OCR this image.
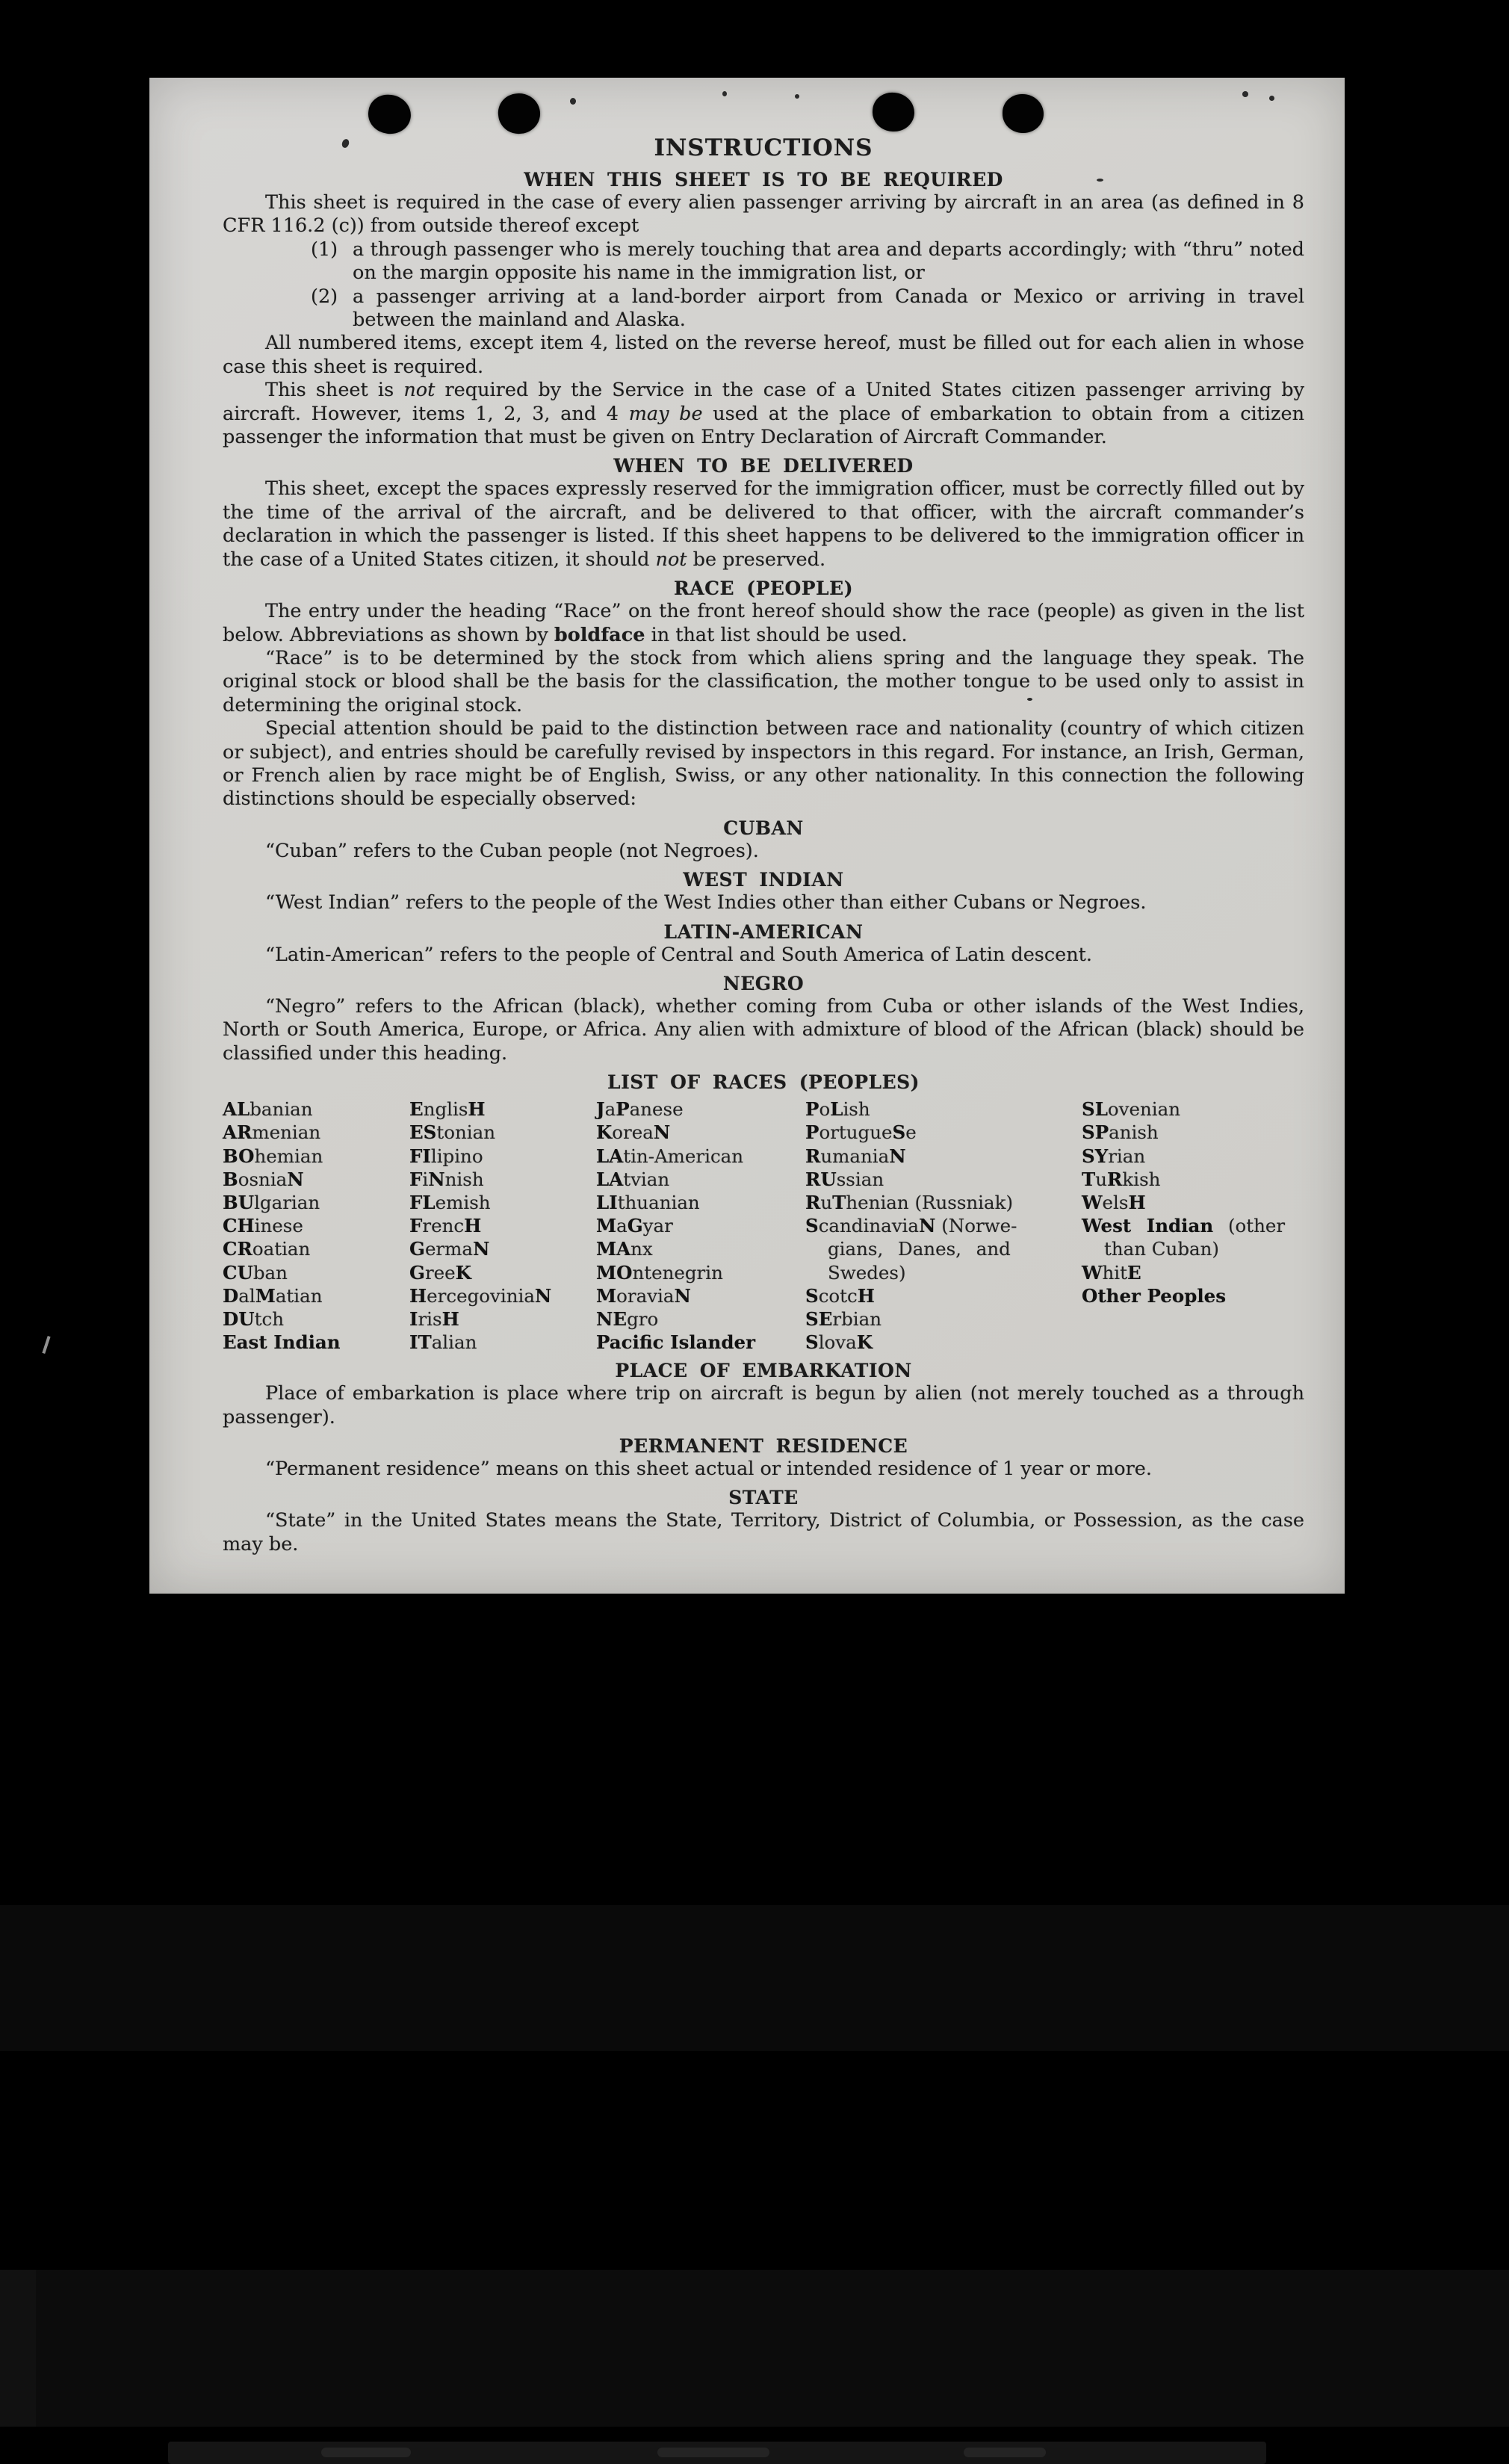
INSTRUCTIONS
WHEN THIS SHEET IS TO BE REQUIRED

This sheet is required in the case of every alien passenger arriving by aircraft in an area (as defined in 8 CFR 116.2 (c)) from outside thereof except

(1) a through passenger who is merely touching that area and departs accordingly; with “thru” noted on the margin opposite his name in the immigration list, or

(2) a passenger arriving at a land-border airport from Canada or Mexico or arriving in travel between the mainland and Alaska.

All numbered items, except item 4, listed on the reverse hereof, must be filled out for each alien in whose case this sheet is required.

This sheet is not required by the Service in the case of a United States citizen passenger arriving by aircraft. However, items 1, 2, 3, and 4 may be used at the place of embarkation to obtain from a citizen passenger the information that must be given on Entry Declaration of Aircraft Commander.

WHEN TO BE DELIVERED

This sheet, except the spaces expressly reserved for the immigration officer, must be correctly filled out by the time of the arrival of the aircraft, and be delivered to that officer, with the aircraft commander’s declaration in which the passenger is listed. If this sheet happens to be delivered to the immigration officer in the case of a United States citizen, it should not be preserved.

RACE (PEOPLE)

The entry under the heading “Race” on the front hereof should show the race (people) as given in the list below. Abbreviations as shown by boldface in that list should be used.

“Race” is to be determined by the stock from which aliens spring and the language they speak. The original stock or blood shall be the basis for the classification, the mother tongue to be used only to assist in determining the original stock.

Special attention should be paid to the distinction between race and nationality (country of which citizen or subject), and entries should be carefully revised by inspectors in this regard. For instance, an Irish, German, or French alien by race might be of English, Swiss, or any other nationality. In this connection the following distinctions should be especially observed:

CUBAN

“Cuban” refers to the Cuban people (not Negroes).

WEST INDIAN

“West Indian” refers to the people of the West Indies other than either Cubans or Negroes.

LATIN-AMERICAN

“Latin-American” refers to the people of Central and South America of Latin descent.

NEGRO

“Negro” refers to the African (black), whether coming from Cuba or other islands of the West Indies, North or South America, Europe, or Africa. Any alien with admixture of blood of the African (black) should be classified under this heading.

LIST OF RACES (PEOPLES)
ALbanian
ARmenian
BOhemian
BosniaN
BUlgarian
CHinese
CRoatian
CUban
DalMatian
DUtch
East Indian
EnglisH
EStonian
FIlipino
FiNnish
FLemish
FrencH
GermaN
GreeK
HercegoviniaN
IrisH
ITalian
JaPanese
KoreaN
LAtin-American
LAtvian
LIthuanian
MaGyar
MAnx
MOntenegrin
MoraviaN
NEgro
Pacific Islander
PoLish
PortugueSe
RumaniaN
RUssian
RuThenian (Russniak)
ScandinaviaN (Norwe-
gians, Danes, and
Swedes)
ScotcH
SErbian
SlovaK
SLovenian
SPanish
SYrian
TuRkish
WelsH
West Indian (other
than Cuban)
WhitE
Other Peoples
PLACE OF EMBARKATION

Place of embarkation is place where trip on aircraft is begun by alien (not merely touched as a through passenger).

PERMANENT RESIDENCE

“Permanent residence” means on this sheet actual or intended residence of 1 year or more.

STATE

“State” in the United States means the State, Territory, District of Columbia, or Possession, as the case may be.
